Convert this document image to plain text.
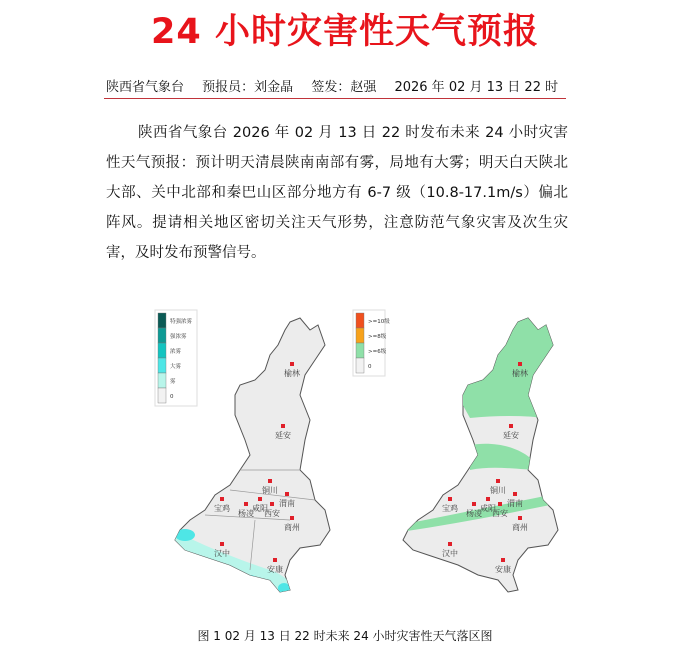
24 小时灾害性天气预报
陕西省气象台 预报员：刘金晶 签发：赵强 2026 年 02 月 13 日 22 时
陕西省气象台 2026 年 02 月 13 日 22 时发布未来 24 小时灾害性天气预报：预计明天清晨陕南南部有雾，局地有大雾；明天白天陕北大部、关中北部和秦巴山区部分地方有 6-7 级（10.8-17.1m/s）偏北阵风。提请相关地区密切关注天气形势，注意防范气象灾害及次生灾害，及时发布预警信号。
榆林
延安
铜川
渭南
宝鸡
杨凌
咸阳
西安
商州
汉中
安康
榆林
延安
铜川
渭南
宝鸡
杨凌
咸阳
西安
商州
汉中
安康
特强浓雾
强浓雾
浓雾
大雾
雾
0
>=10级
>=8级
>=6级
0
图 1 02 月 13 日 22 时未来 24 小时灾害性天气落区图
